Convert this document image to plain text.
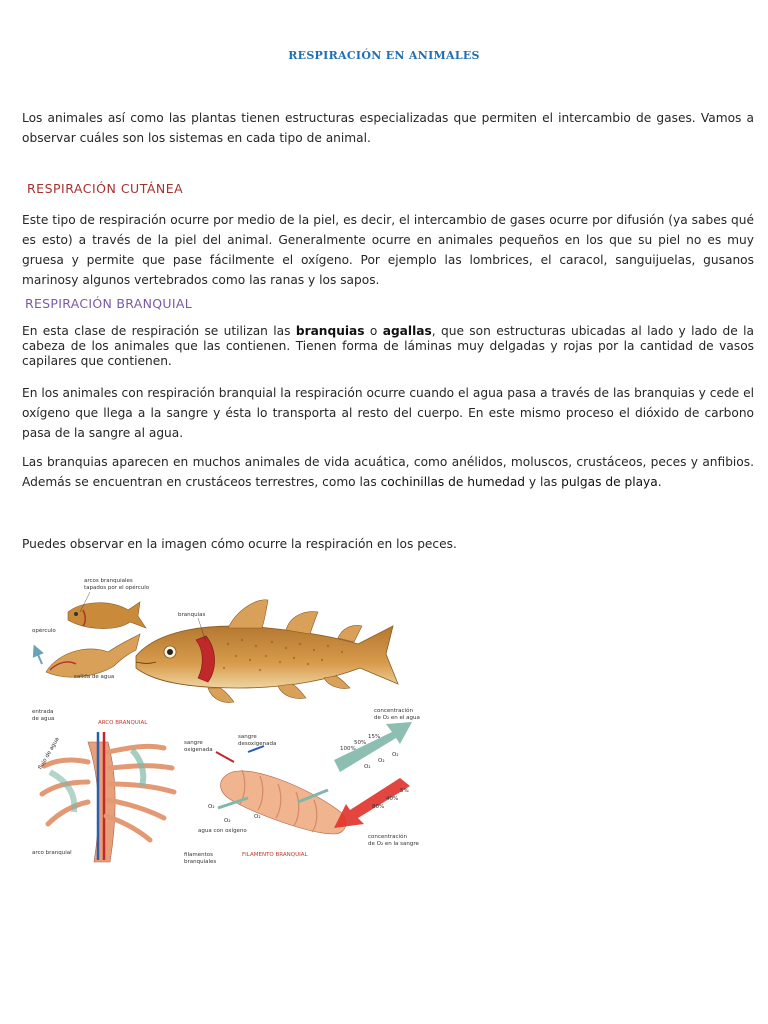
RESPIRACIÓN EN ANIMALES
Los animales así como las plantas tienen estructuras especializadas que permiten el intercambio de gases. Vamos a observar cuáles son los sistemas en cada tipo de animal.
RESPIRACIÓN CUTÁNEA
Este tipo de respiración ocurre por medio de la piel, es decir, el intercambio de gases ocurre por difusión (ya sabes qué es esto) a través de la piel del animal. Generalmente ocurre en animales pequeños en los que su piel no es muy gruesa y permite que pase fácilmente el oxígeno. Por ejemplo las lombrices, el caracol, sanguijuelas, gusanos marinosy algunos vertebrados como las ranas y los sapos.
RESPIRACIÓN BRANQUIAL
En esta clase de respiración se utilizan las branquias o agallas, que son estructuras ubicadas al lado y lado de la cabeza de los animales que las contienen. Tienen forma de láminas muy delgadas y rojas por la cantidad de vasos capilares que contienen.
En los animales con respiración branquial la respiración ocurre cuando el agua pasa a través de las branquias y cede el oxígeno que llega a la sangre y ésta lo transporta al resto del cuerpo. En este mismo proceso el dióxido de carbono pasa de la sangre al agua.
Las branquias aparecen en muchos animales de vida acuática, como anélidos, moluscos, crustáceos, peces y anfibios. Además se encuentran en crustáceos terrestres, como las cochinillas de humedad y las pulgas de playa.
Puedes observar en la imagen cómo ocurre la respiración en los peces.
arcos branquiales
tapados por el opérculo
opérculo
salida de agua
entrada
de agua
branquias
ARCO BRANQUIAL
flujo de agua
arco branquial	filamentos
branquiales
sangre
oxigenada
sangre
desoxigenada
O₂
O₂
O₂
agua con oxígeno
FILAMENTO BRANQUIAL
concentración
de O₂ en el agua
100%
50%
15%
O₂
O₂
O₂
80%
40%
5%
concentración
de O₂ en la sangre
